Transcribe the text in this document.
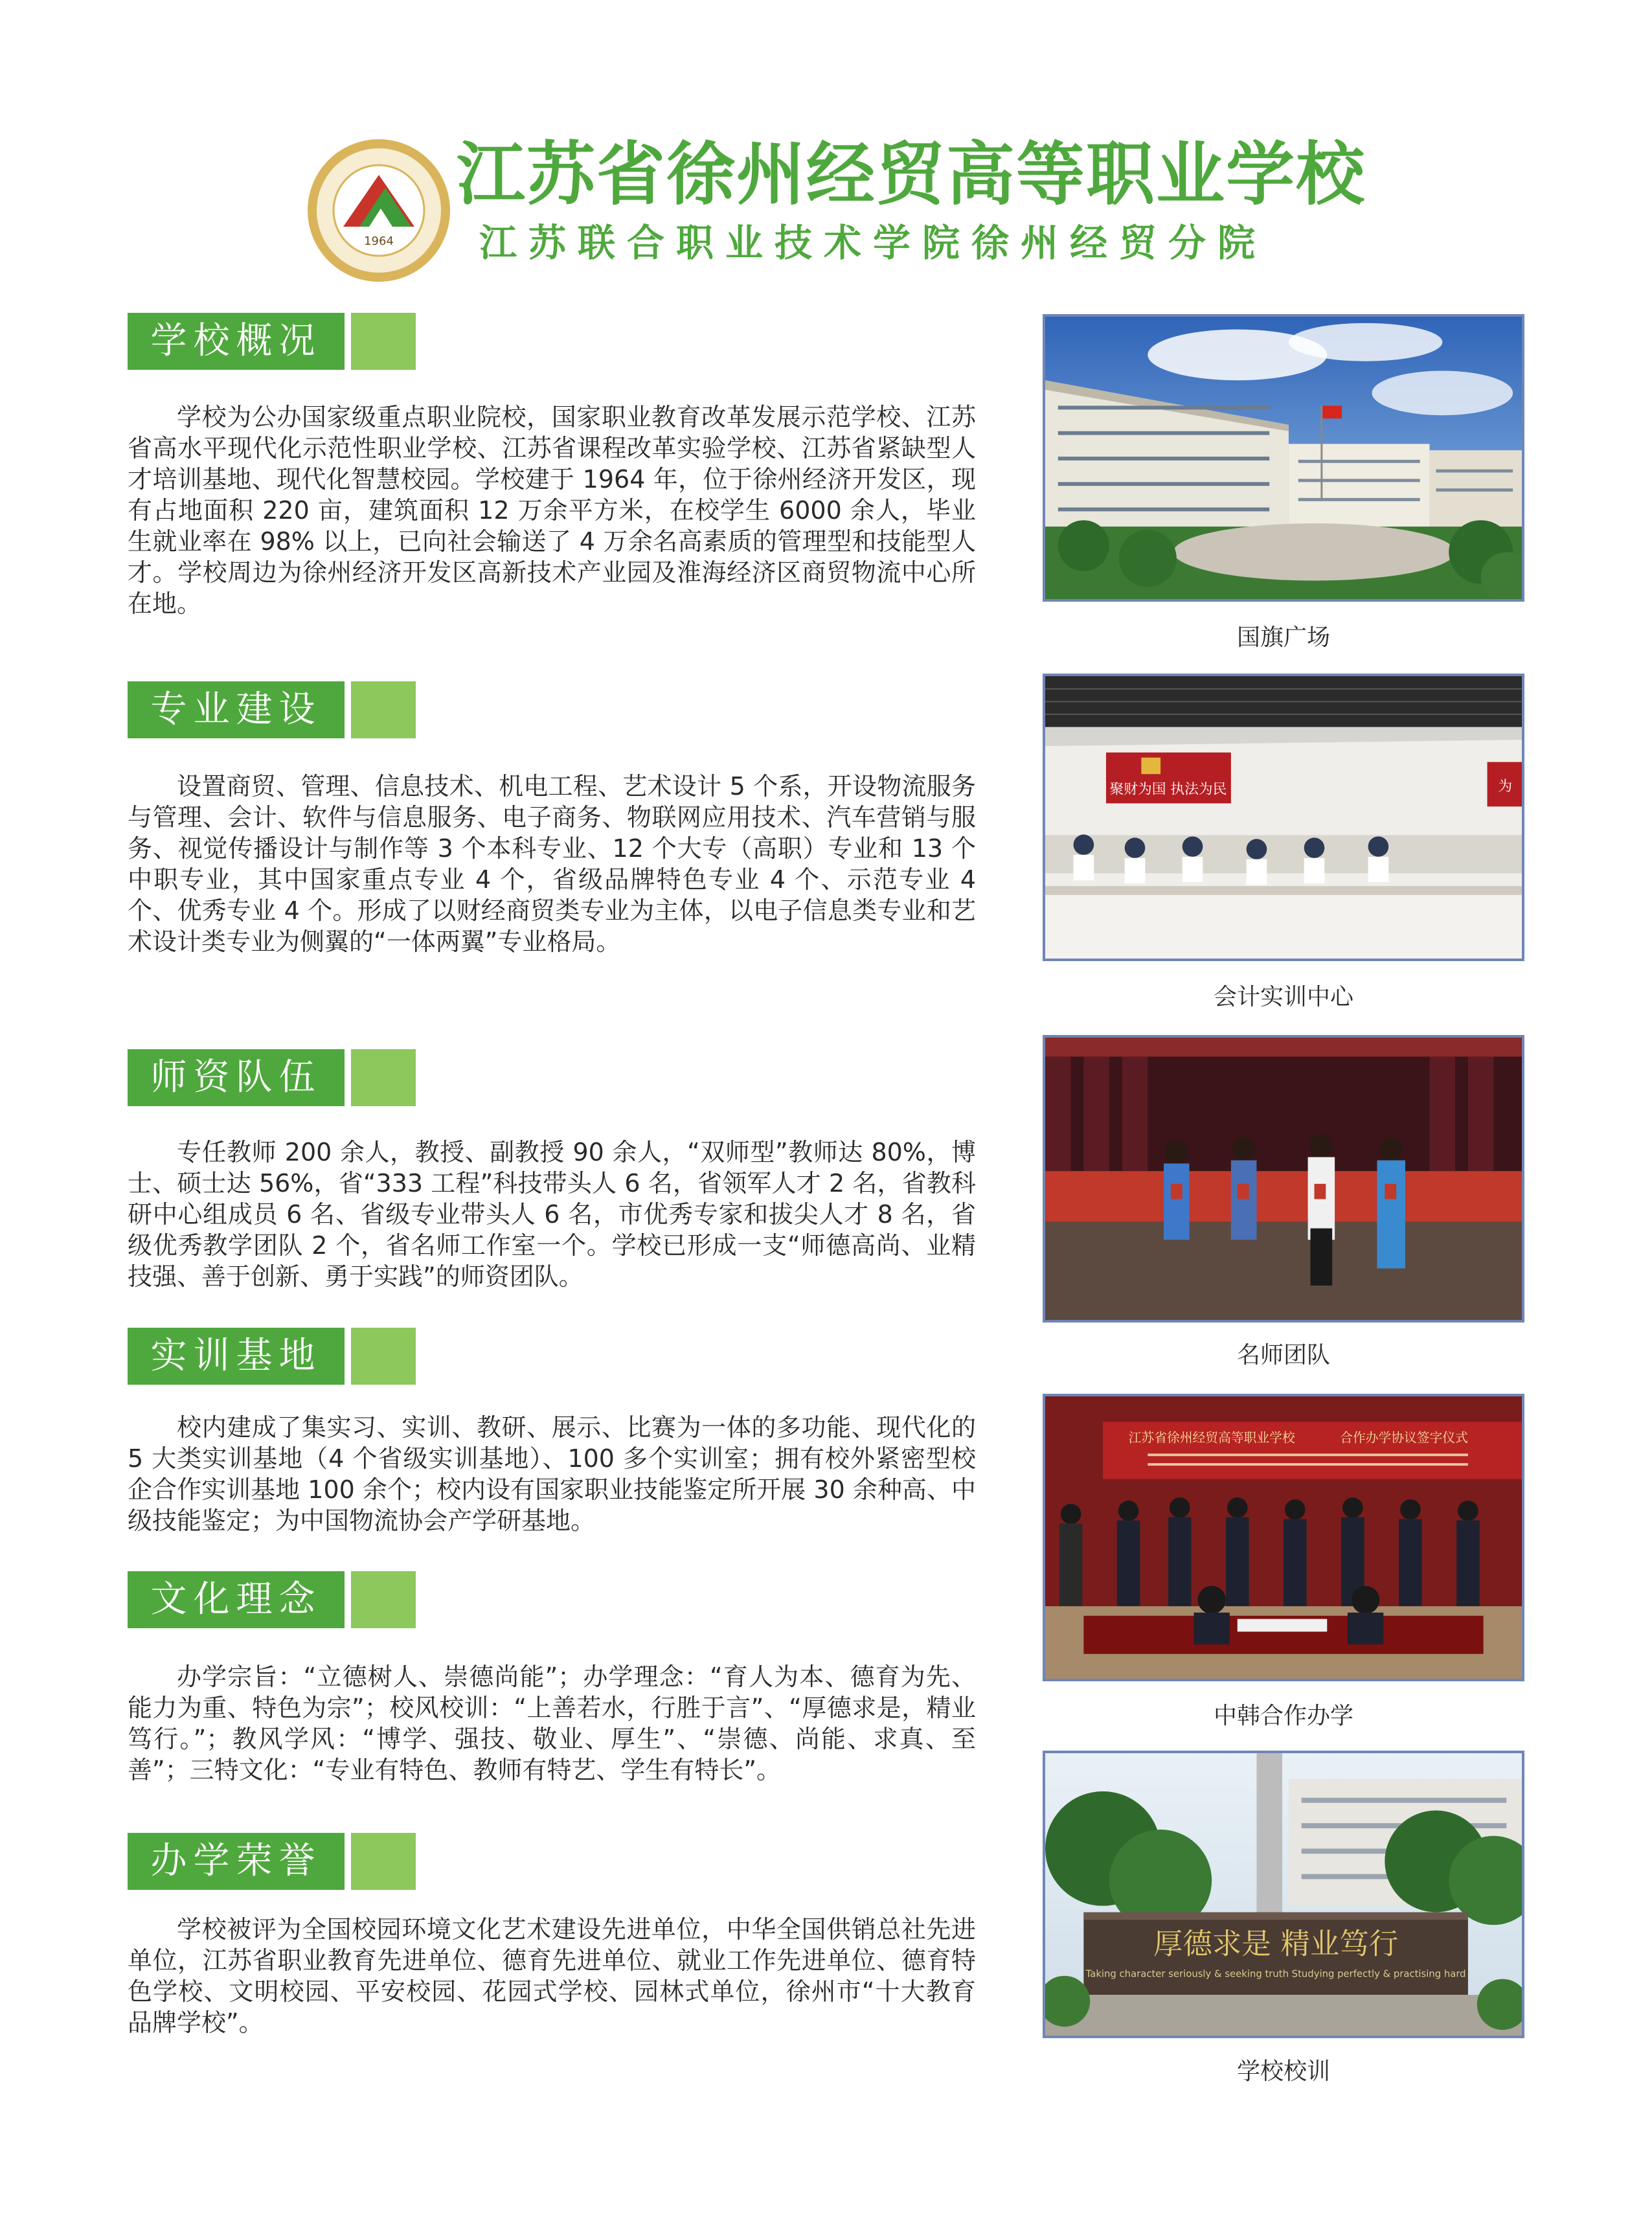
1964
江苏省徐州经贸高等职业学校
江苏联合职业技术学院徐州经贸分院
学校概况

学校为公办国家级重点职业院校，国家职业教育改革发展示范学校、江苏省高水平现代化示范性职业学校、江苏省课程改革实验学校、江苏省紧缺型人才培训基地、现代化智慧校园。学校建于 1964 年，位于徐州经济开发区，现有占地面积 220 亩，建筑面积 12 万余平方米，在校学生 6000 余人，毕业生就业率在 98% 以上，已向社会输送了 4 万余名高素质的管理型和技能型人才。学校周边为徐州经济开发区高新技术产业园及淮海经济区商贸物流中心所在地。

专业建设

设置商贸、管理、信息技术、机电工程、艺术设计 5 个系，开设物流服务与管理、会计、软件与信息服务、电子商务、物联网应用技术、汽车营销与服务、视觉传播设计与制作等 3 个本科专业、12 个大专（高职）专业和 13 个中职专业，其中国家重点专业 4 个，省级品牌特色专业 4 个、示范专业 4 个、优秀专业 4 个。形成了以财经商贸类专业为主体，以电子信息类专业和艺术设计类专业为侧翼的“一体两翼”专业格局。

师资队伍

专任教师 200 余人，教授、副教授 90 余人，“双师型”教师达 80%，博士、硕士达 56%，省“333 工程”科技带头人 6 名，省领军人才 2 名，省教科研中心组成员 6 名、省级专业带头人 6 名，市优秀专家和拔尖人才 8 名，省级优秀教学团队 2 个，省名师工作室一个。学校已形成一支“师德高尚、业精技强、善于创新、勇于实践”的师资团队。

实训基地

校内建成了集实习、实训、教研、展示、比赛为一体的多功能、现代化的 5 大类实训基地（4 个省级实训基地）、100 多个实训室；拥有校外紧密型校企合作实训基地 100 余个；校内设有国家职业技能鉴定所开展 30 余种高、中级技能鉴定；为中国物流协会产学研基地。

文化理念

办学宗旨：“立德树人、崇德尚能”；办学理念：“育人为本、德育为先、能力为重、特色为宗”；校风校训：“上善若水，行胜于言”、“厚德求是，精业笃行。”；教风学风：“博学、强技、敬业、厚生”、“崇德、尚能、求真、至善”；三特文化：“专业有特色、教师有特艺、学生有特长”。

办学荣誉

学校被评为全国校园环境文化艺术建设先进单位，中华全国供销总社先进单位，江苏省职业教育先进单位、德育先进单位、就业工作先进单位、德育特色学校、文明校园、平安校园、花园式学校、园林式单位，徐州市“十大教育品牌学校”。

国旗广场
聚财为国 执法为民	为
会计实训中心
名师团队
江苏省徐州经贸高等职业学校	合作办学协议签字仪式
中韩合作办学
厚德求是 精业笃行
Taking character seriously & seeking truth Studying perfectly & practising hard
学校校训
